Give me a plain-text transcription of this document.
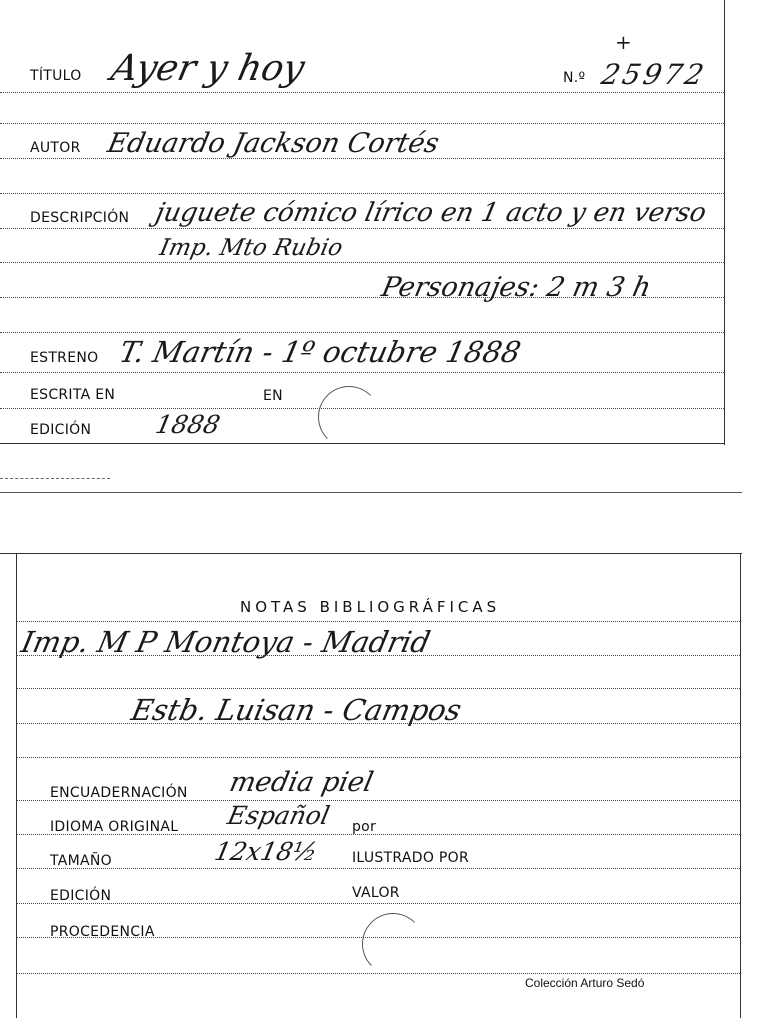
TÍTULO Ayer y hoy	N.º 25972
+
AUTOR Eduardo Jackson Cortés
DESCRIPCIÓN juguete cómico lírico en 1 acto y en verso
Imp. Mto Rubio
Personajes: 2 m 3 h
ESTRENO T. Martín - 1º octubre 1888
ESCRITA EN	EN
EDICIÓN 1888
NOTAS BIBLIOGRÁFICAS
Imp. M P Montoya - Madrid
Estb. Luisan - Campos
ENCUADERNACIÓN media piel
IDIOMA ORIGINAL Español por
TAMAÑO	12x18½ ILUSTRADO POR
EDICIÓN	VALOR
PROCEDENCIA
Colección Arturo Sedó
